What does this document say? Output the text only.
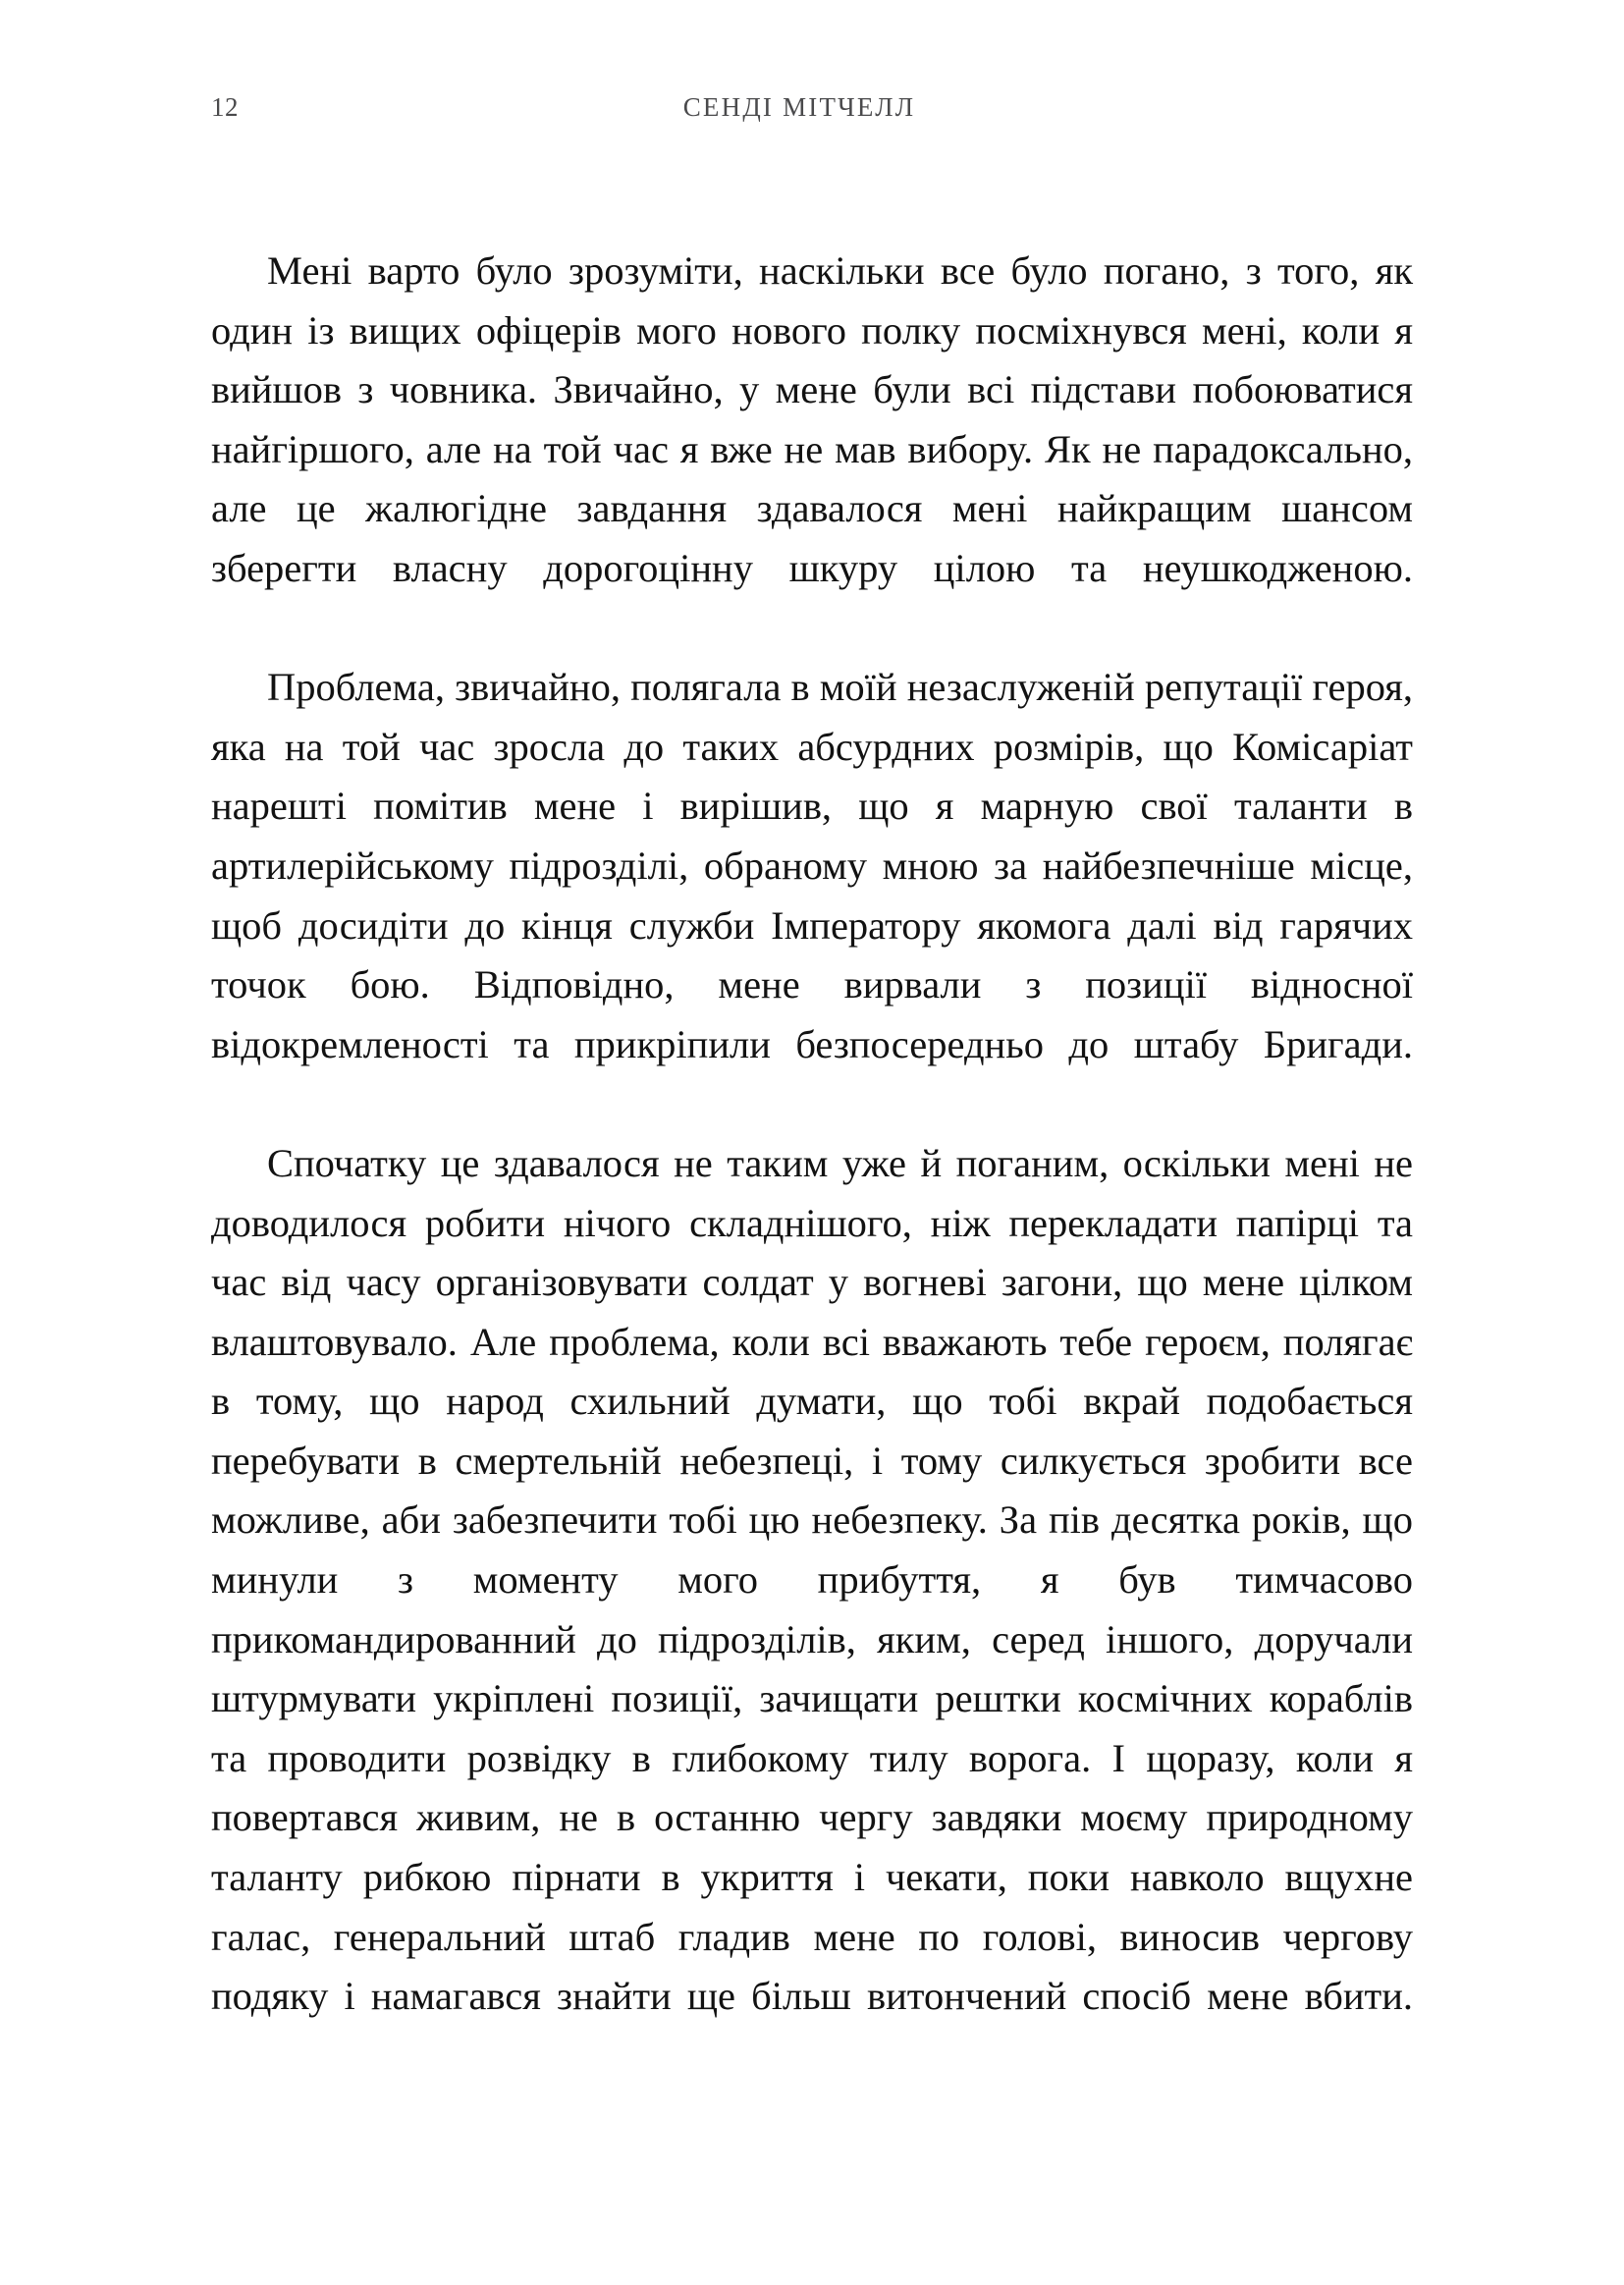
12	СЕНДІ МІТЧЕЛЛ

Мені варто було зрозуміти, наскільки все було погано, з того, як один із вищих офіцерів мого нового полку посміхнувся мені, коли я вийшов з човника. Звичайно, у мене були всі підстави побоюватися найгіршого, але на той час я вже не мав вибору. Як не парадоксально, але це жалюгідне завдання здавалося мені найкращим шансом зберегти власну дорогоцінну шкуру цілою та неушкодженою.

Проблема, звичайно, полягала в моїй незаслуженій репутації героя, яка на той час зросла до таких абсурдних розмірів, що Комісаріат нарешті помітив мене і вирішив, що я марную свої таланти в артилерійському підрозділі, обраному мною за найбезпечніше місце, щоб досидіти до кінця служби Імператору якомога далі від гарячих точок бою. Відповідно, мене вирвали з позиції відносної відокремленості та прикріпили безпосередньо до штабу Бригади.

Спочатку це здавалося не таким уже й поганим, оскільки мені не доводилося робити нічого складнішого, ніж перекладати папірці та час від часу організовувати солдат у вогневі загони, що мене цілком влаштовувало. Але проблема, коли всі вважають тебе героєм, полягає в тому, що народ схильний думати, що тобі вкрай подобається перебувати в смертельній небезпеці, і тому силкується зробити все можливе, аби забезпечити тобі цю небезпеку. За пів десятка років, що минули з моменту мого прибуття, я був тимчасово прикомандированний до підрозділів, яким, серед іншого, доручали штурмувати укріплені позиції, зачищати рештки космічних кораблів та проводити розвідку в глибокому тилу ворога. І щоразу, коли я повертався живим, не в останню чергу завдяки моєму природному таланту рибкою пірнати в укриття і чекати, поки навколо вщухне галас, генеральний штаб гладив мене по голові, виносив чергову подяку і намагався знайти ще більш витончений спосіб мене вбити.
